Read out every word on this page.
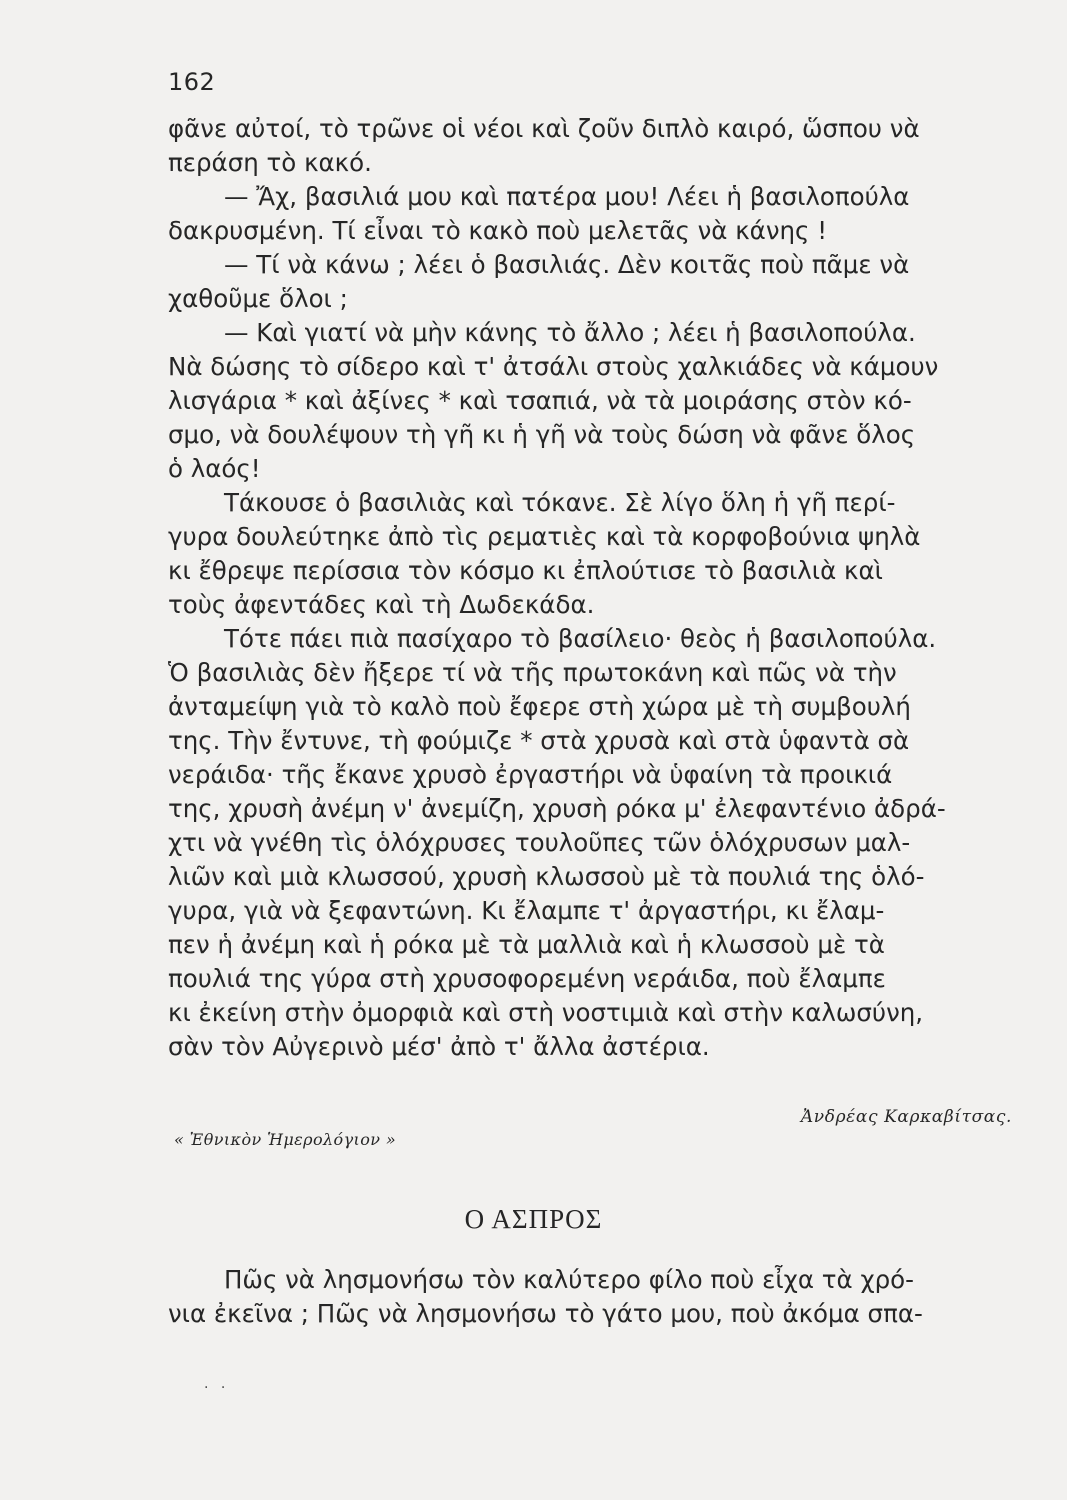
162
φᾶνε αὐτοί, τὸ τρῶνε οἱ νέοι καὶ ζοῦν διπλὸ καιρό, ὥσπου νὰ
περάση τὸ κακό.
— Ἄχ, βασιλιά μου καὶ πατέρα μου! Λέει ἡ βασιλοπούλα
δακρυσμένη. Τί εἶναι τὸ κακὸ ποὺ μελετᾶς νὰ κάνης !
— Τί νὰ κάνω ; λέει ὁ βασιλιάς. Δὲν κοιτᾶς ποὺ πᾶμε νὰ
χαθοῦμε ὅλοι ;
— Καὶ γιατί νὰ μὴν κάνης τὸ ἄλλο ; λέει ἡ βασιλοπούλα.
Νὰ δώσης τὸ σίδερο καὶ τ' ἀτσάλι στοὺς χαλκιάδες νὰ κάμουν
λισγάρια * καὶ ἀξίνες * καὶ τσαπιά, νὰ τὰ μοιράσης στὸν κό-
σμο, νὰ δουλέψουν τὴ γῆ κι ἡ γῆ νὰ τοὺς δώση νὰ φᾶνε ὅλος
ὁ λαός!
Τάκουσε ὁ βασιλιὰς καὶ τόκανε. Σὲ λίγο ὅλη ἡ γῆ περί-
γυρα δουλεύτηκε ἀπὸ τὶς ρεματιὲς καὶ τὰ κορφοβούνια ψηλὰ
κι ἔθρεψε περίσσια τὸν κόσμο κι ἐπλούτισε τὸ βασιλιὰ καὶ
τοὺς ἀφεντάδες καὶ τὴ Δωδεκάδα.
Τότε πάει πιὰ πασίχαρο τὸ βασίλειο· θεὸς ἡ βασιλοπούλα.
Ὁ βασιλιὰς δὲν ἤξερε τί νὰ τῆς πρωτοκάνη καὶ πῶς νὰ τὴν
ἀνταμείψη γιὰ τὸ καλὸ ποὺ ἔφερε στὴ χώρα μὲ τὴ συμβουλή
της. Τὴν ἔντυνε, τὴ φούμιζε * στὰ χρυσὰ καὶ στὰ ὑφαντὰ σὰ
νεράιδα· τῆς ἔκανε χρυσὸ ἐργαστήρι νὰ ὑφαίνη τὰ προικιά
της, χρυσὴ ἀνέμη ν' ἀνεμίζη, χρυσὴ ρόκα μ' ἐλεφαντένιο ἀδρά-
χτι νὰ γνέθη τὶς ὁλόχρυσες τουλοῦπες τῶν ὁλόχρυσων μαλ-
λιῶν καὶ μιὰ κλωσσού, χρυσὴ κλωσσοὺ μὲ τὰ πουλιά της ὁλό-
γυρα, γιὰ νὰ ξεφαντώνη. Κι ἔλαμπε τ' ἀργαστήρι, κι ἔλαμ-
πεν ἡ ἀνέμη καὶ ἡ ρόκα μὲ τὰ μαλλιὰ καὶ ἡ κλωσσοὺ μὲ τὰ
πουλιά της γύρα στὴ χρυσοφορεμένη νεράιδα, ποὺ ἔλαμπε
κι ἐκείνη στὴν ὀμορφιὰ καὶ στὴ νοστιμιὰ καὶ στὴν καλωσύνη,
σὰν τὸν Αὐγερινὸ μέσ' ἀπὸ τ' ἄλλα ἀστέρια.
Ἀνδρέας Καρκαβίτσας.
« Ἐθνικὸν Ἡμερολόγιον »
Ο ΑΣΠΡΟΣ
Πῶς νὰ λησμονήσω τὸν καλύτερο φίλο ποὺ εἶχα τὰ χρό-
νια ἐκεῖνα ; Πῶς νὰ λησμονήσω τὸ γάτο μου, ποὺ ἀκόμα σπα-
. .
